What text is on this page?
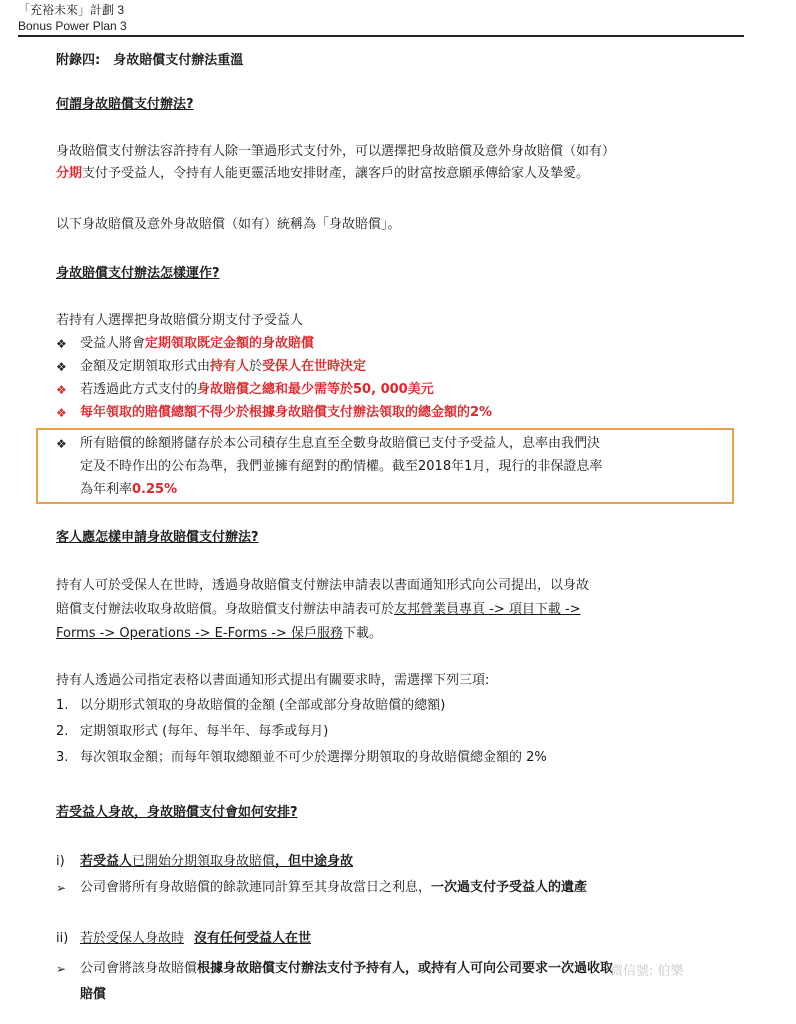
「充裕未來」計劃 3
Bonus Power Plan 3
附錄四:　身故賠償支付辦法重溫
何謂身故賠償支付辦法?
身故賠償支付辦法容許持有人除一筆過形式支付外，可以選擇把身故賠償及意外身故賠償（如有）
分期支付予受益人，令持有人能更靈活地安排財產，讓客戶的財富按意願承傳給家人及摯愛。
以下身故賠償及意外身故賠償（如有）統稱為「身故賠償」。
身故賠償支付辦法怎樣運作?
若持有人選擇把身故賠償分期支付予受益人
❖ 受益人將會定期領取既定金額的身故賠償
❖ 金額及定期領取形式由持有人於受保人在世時決定
❖ 若透過此方式支付的身故賠償之總和最少需等於50, 000美元
❖ 每年領取的賠償總額不得少於根據身故賠償支付辦法領取的總金額的2%
❖ 所有賠償的餘額將儲存於本公司積存生息直至全數身故賠償已支付予受益人，息率由我們決
定及不時作出的公布為準，我們並擁有絕對的酌情權。截至2018年1月，現行的非保證息率
為年利率0.25%
客人應怎樣申請身故賠償支付辦法?
持有人可於受保人在世時，透過身故賠償支付辦法申請表以書面通知形式向公司提出，以身故
賠償支付辦法收取身故賠償。身故賠償支付辦法申請表可於友邦營業員專頁 -> 項目下載 ->
Forms -> Operations -> E-Forms -> 保戶服務下載。
持有人透過公司指定表格以書面通知形式提出有關要求時，需選擇下列三項:
1. 以分期形式領取的身故賠償的金額 (全部或部分身故賠償的總額)
2. 定期領取形式 (每年、每半年、每季或每月)
3. 每次領取金額；而每年領取總額並不可少於選擇分期領取的身故賠償總金額的 2%
若受益人身故，身故賠償支付會如何安排?
i) 若受益人已開始分期領取身故賠償，但中途身故
➢ 公司會將所有身故賠償的餘款連同計算至其身故當日之利息，一次過支付予受益人的遺產
ii) 若於受保人身故時 沒有任何受益人在世
➢ 公司會將該身故賠償根據身故賠償支付辦法支付予持有人，或持有人可向公司要求一次過收取
賠償
微信號: 伯樂
